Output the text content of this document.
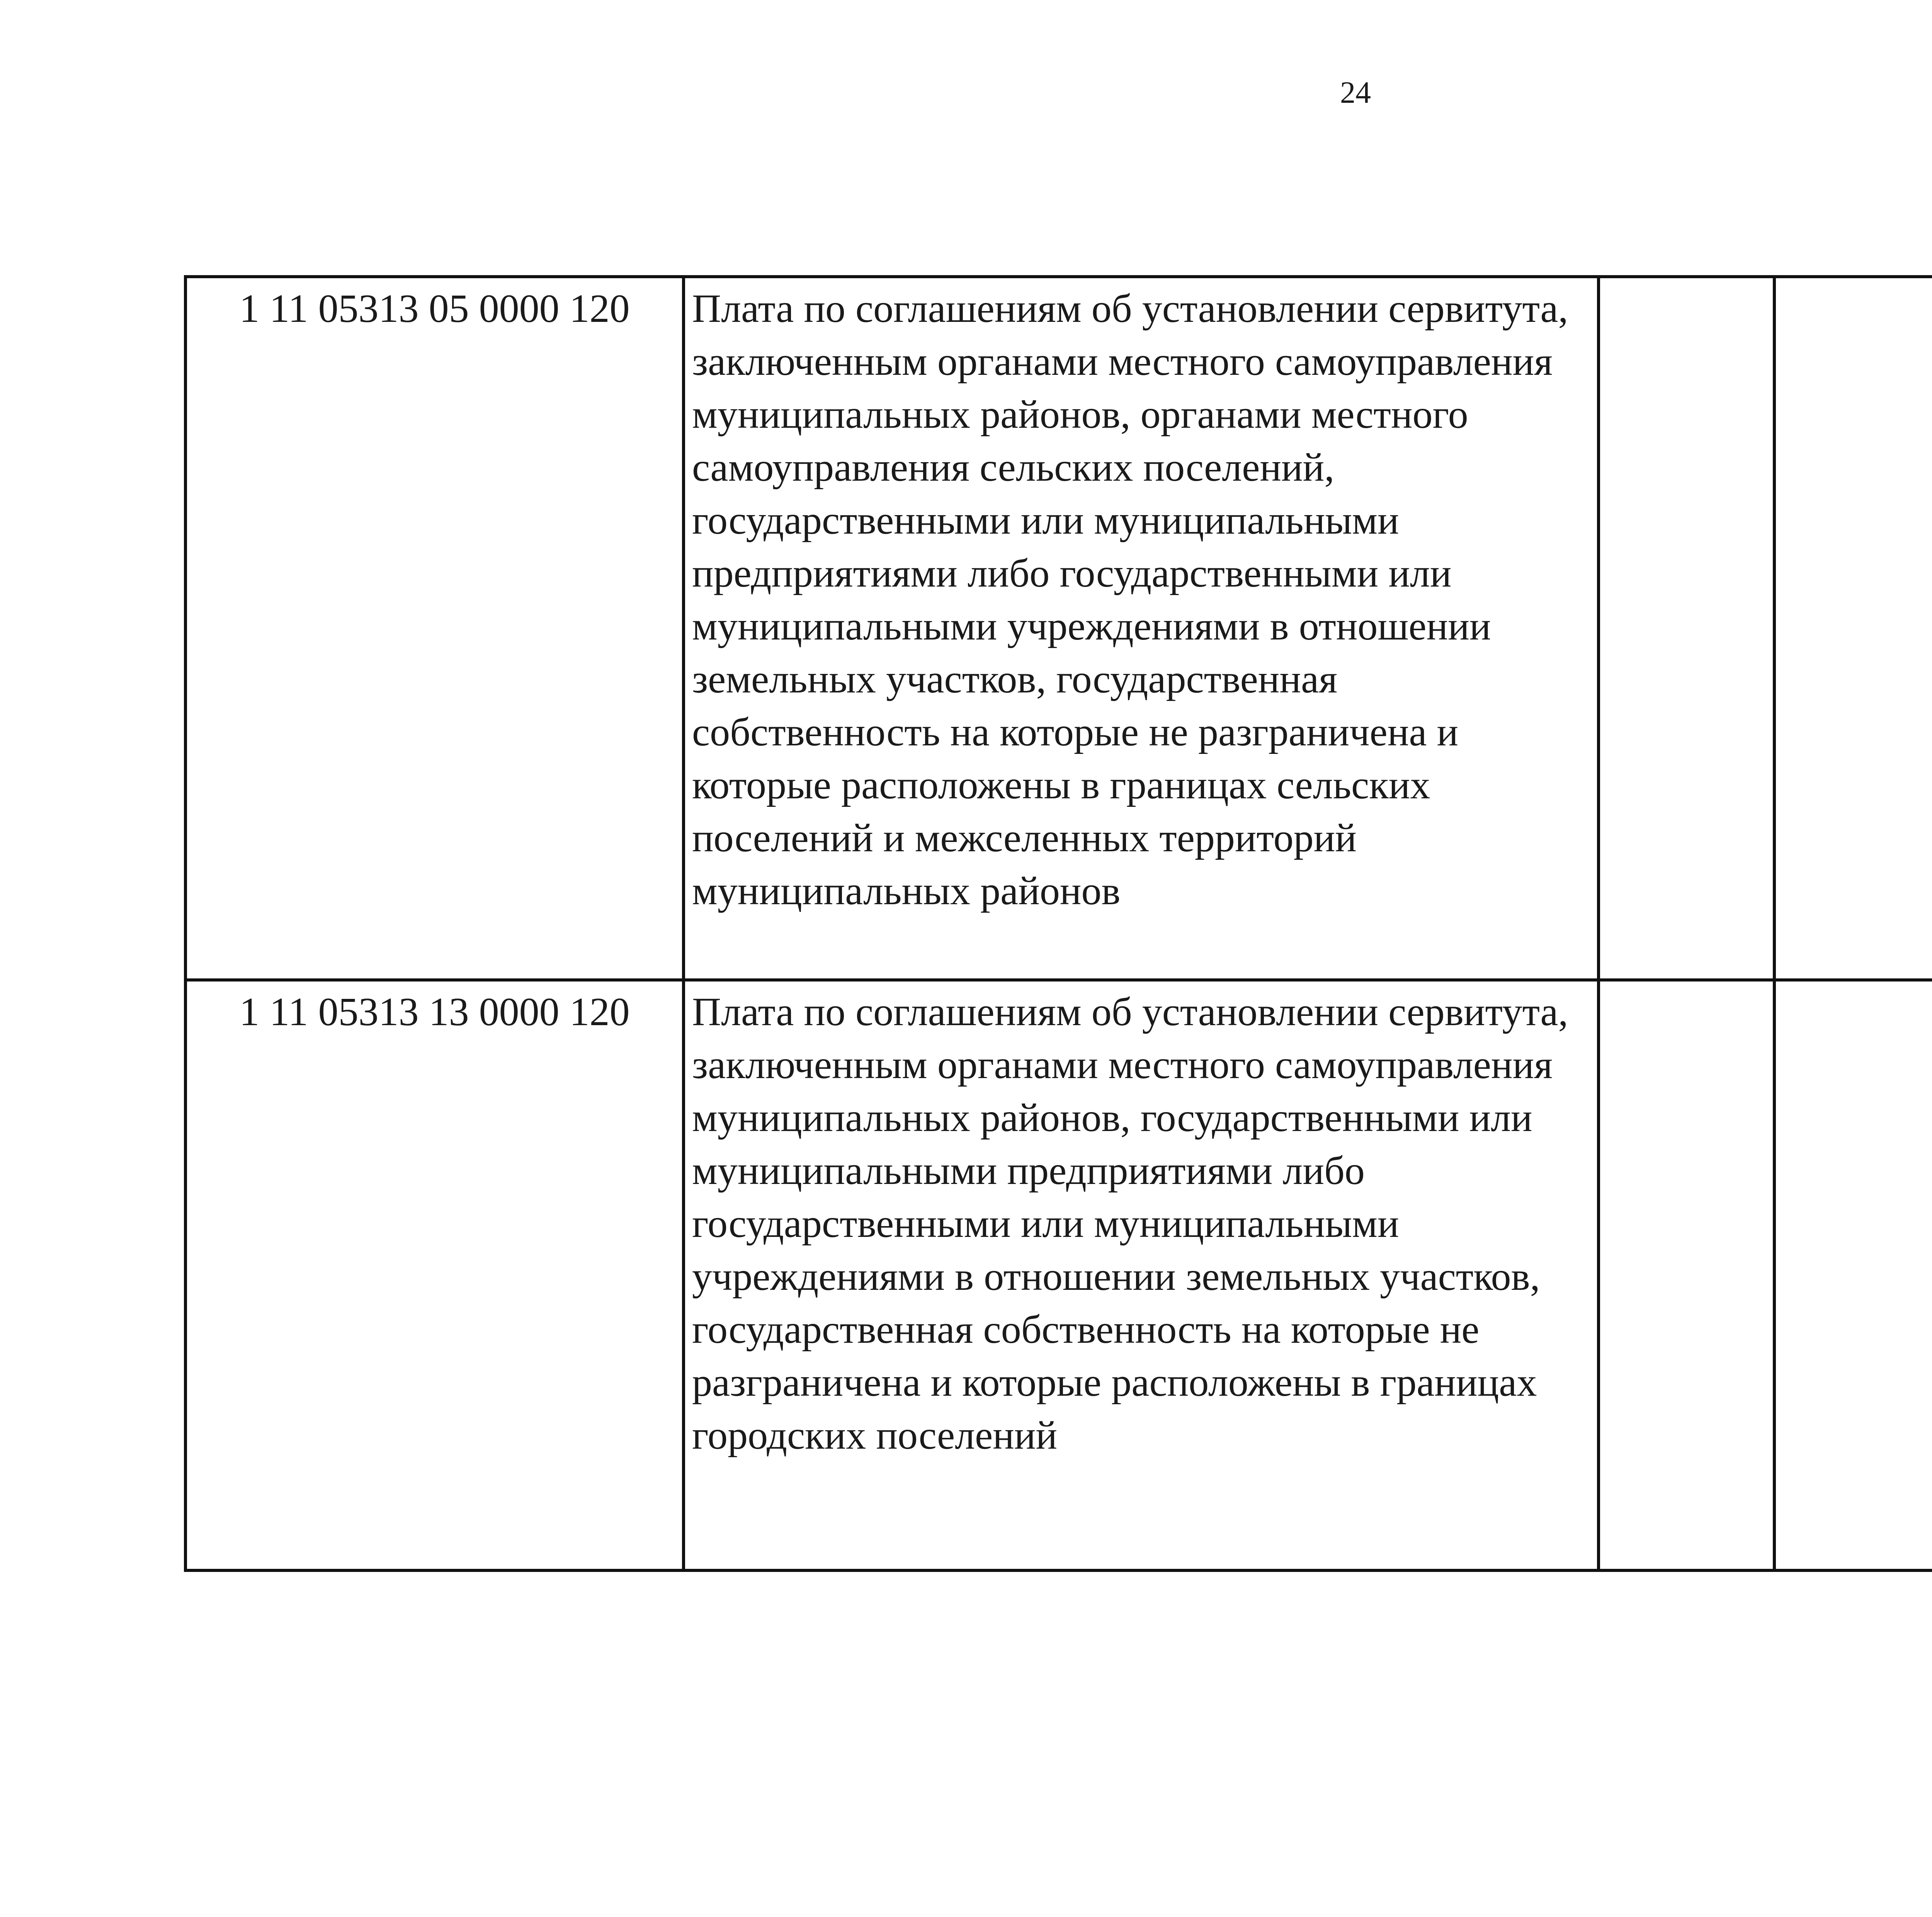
24
1 11 05313 05 0000 120	Плата по соглашениям об установлении сервитута, заключенным органами местного самоуправления муниципальных районов, органами местного самоуправления сельских поселений, государственными или муниципальными предприятиями либо государственными или муниципальными учреждениями в отношении земельных участков, государственная собственность на которые не разграничена и которые расположены в границах сельских поселений и межселенных территорий муниципальных районов					
1 11 05313 13 0000 120	Плата по соглашениям об установлении сервитута, заключенным органами местного самоуправления муниципальных районов, государственными или муниципальными предприятиями либо государственными или муниципальными учреждениями в отношении земельных участков, государственная собственность на которые не разграничена и которые расположены в границах городских поселений					
